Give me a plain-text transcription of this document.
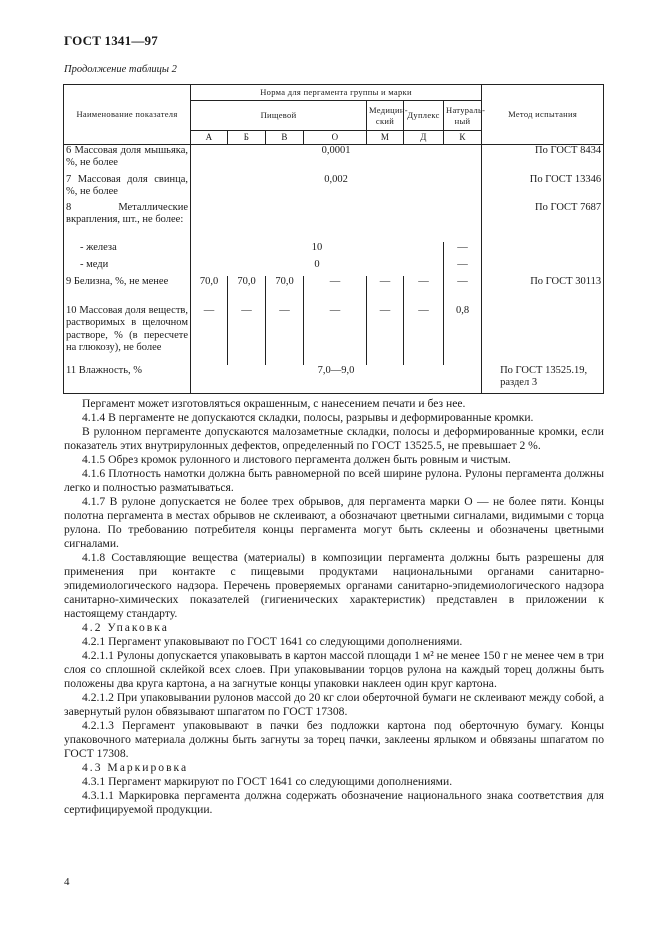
ГОСТ 1341—97
Продолжение таблицы 2
Наименование показателя	Норма для пергамента группы и марки							Метод испытания
	Пищевой				Медицин-ский	Дуплекс	Натураль-ный	
	А	Б	В	О	М	Д	К	
6 Массовая доля мышьяка, %, не более	0,0001							По ГОСТ 8434
7 Массовая доля свинца, %, не более	0,002							По ГОСТ 13346
8 Металлические вкрапления, шт., не более:								По ГОСТ 7687
- железа	10						—	
- меди	0						—	
9 Белизна, %, не менее	70,0	70,0	70,0	—	—	—	—	По ГОСТ 30113
10 Массовая доля веществ, растворимых в щелочном растворе, % (в пересчете на глюкозу), не более	—	—	—	—	—	—	0,8	
11 Влажность, %	7,0—9,0							По ГОСТ 13525.19, раздел 3

Пергамент может изготовляться окрашенным, с нанесением печати и без нее.

4.1.4 В пергаменте не допускаются складки, полосы, разрывы и деформированные кромки.

В рулонном пергаменте допускаются малозаметные складки, полосы и деформированные кромки, если показатель этих внутрирулонных дефектов, определенный по ГОСТ 13525.5, не превышает 2 %.

4.1.5 Обрез кромок рулонного и листового пергамента должен быть ровным и чистым.

4.1.6 Плотность намотки должна быть равномерной по всей ширине рулона. Рулоны пергамента должны легко и полностью разматываться.

4.1.7 В рулоне допускается не более трех обрывов, для пергамента марки О — не более пяти. Концы полотна пергамента в местах обрывов не склеивают, а обозначают цветными сигналами, видимыми с торца рулона. По требованию потребителя концы пергамента могут быть склеены и обозначены цветными сигналами.

4.1.8 Составляющие вещества (материалы) в композиции пергамента должны быть разрешены для применения при контакте с пищевыми продуктами национальными органами санитарно-эпидемиологического надзора. Перечень проверяемых органами санитарно-эпидемиологического надзора санитарно-химических показателей (гигиенических характеристик) представлен в приложении к настоящему стандарту.

4.2 Упаковка

4.2.1 Пергамент упаковывают по ГОСТ 1641 со следующими дополнениями.

4.2.1.1 Рулоны допускается упаковывать в картон массой площади 1 м² не менее 150 г не менее чем в три слоя со сплошной склейкой всех слоев. При упаковывании торцов рулона на каждый торец должны быть положены два круга картона, а на загнутые концы упаковки наклеен один круг картона.

4.2.1.2 При упаковывании рулонов массой до 20 кг слои оберточной бумаги не склеивают между собой, а завернутый рулон обвязывают шпагатом по ГОСТ 17308.

4.2.1.3 Пергамент упаковывают в пачки без подложки картона под оберточную бумагу. Концы упаковочного материала должны быть загнуты за торец пачки, заклеены ярлыком и обвязаны шпагатом по ГОСТ 17308.

4.3 Маркировка

4.3.1 Пергамент маркируют по ГОСТ 1641 со следующими дополнениями.

4.3.1.1 Маркировка пергамента должна содержать обозначение национального знака соответствия для сертифицируемой продукции.

4
